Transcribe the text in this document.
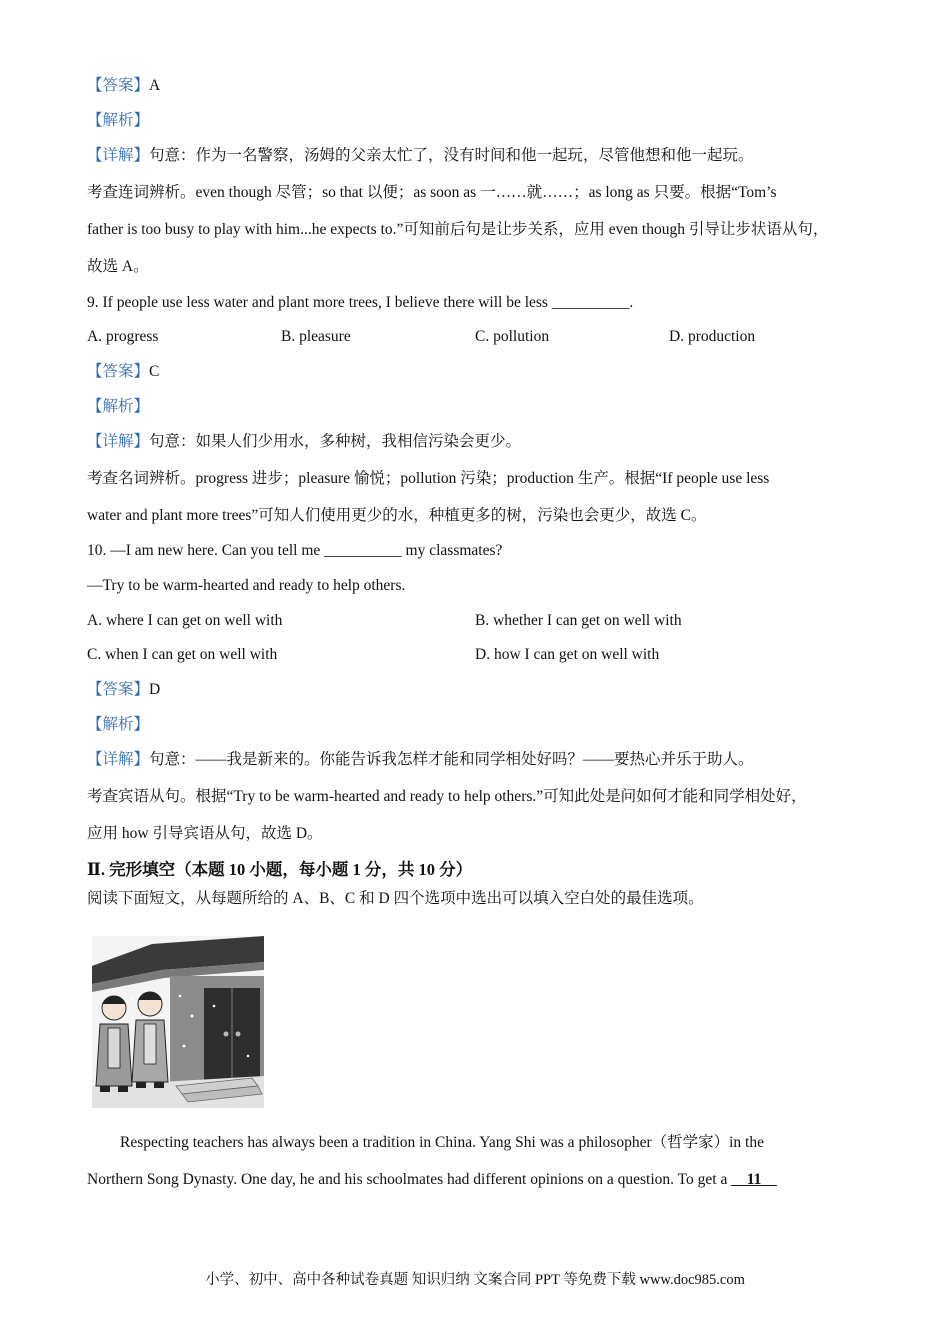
【答案】A
【解析】
【详解】句意：作为一名警察，汤姆的父亲太忙了，没有时间和他一起玩，尽管他想和他一起玩。
考查连词辨析。even though 尽管；so that 以便；as soon as 一……就……；as long as 只要。根据“Tom’s
father is too busy to play with him...he expects to.”可知前后句是让步关系，应用 even though 引导让步状语从句，
故选 A。
9. If people use less water and plant more trees, I believe there will be less __________.
A. progress	B. pleasure	C. pollution	D. production
【答案】C
【解析】
【详解】句意：如果人们少用水，多种树，我相信污染会更少。
考查名词辨析。progress 进步；pleasure 愉悦；pollution 污染；production 生产。根据“If people use less
water and plant more trees”可知人们使用更少的水，种植更多的树，污染也会更少，故选 C。
10. —I am new here. Can you tell me __________ my classmates?
—Try to be warm-hearted and ready to help others.
A. where I can get on well with	B. whether I can get on well with
C. when I can get on well with	D. how I can get on well with
【答案】D
【解析】
【详解】句意：——我是新来的。你能告诉我怎样才能和同学相处好吗？——要热心并乐于助人。
考查宾语从句。根据“Try to be warm-hearted and ready to help others.”可知此处是问如何才能和同学相处好，
应用 how 引导宾语从句，故选 D。
Ⅱ. 完形填空（本题 10 小题，每小题 1 分，共 10 分）
阅读下面短文，从每题所给的 A、B、C 和 D 四个选项中选出可以填入空白处的最佳选项。
Respecting teachers has always been a tradition in China. Yang Shi was a philosopher（哲学家）in the
Northern Song Dynasty. One day, he and his schoolmates had different opinions on a question. To get a 11
小学、初中、高中各种试卷真题 知识归纳 文案合同 PPT 等免费下载 www.doc985.com
